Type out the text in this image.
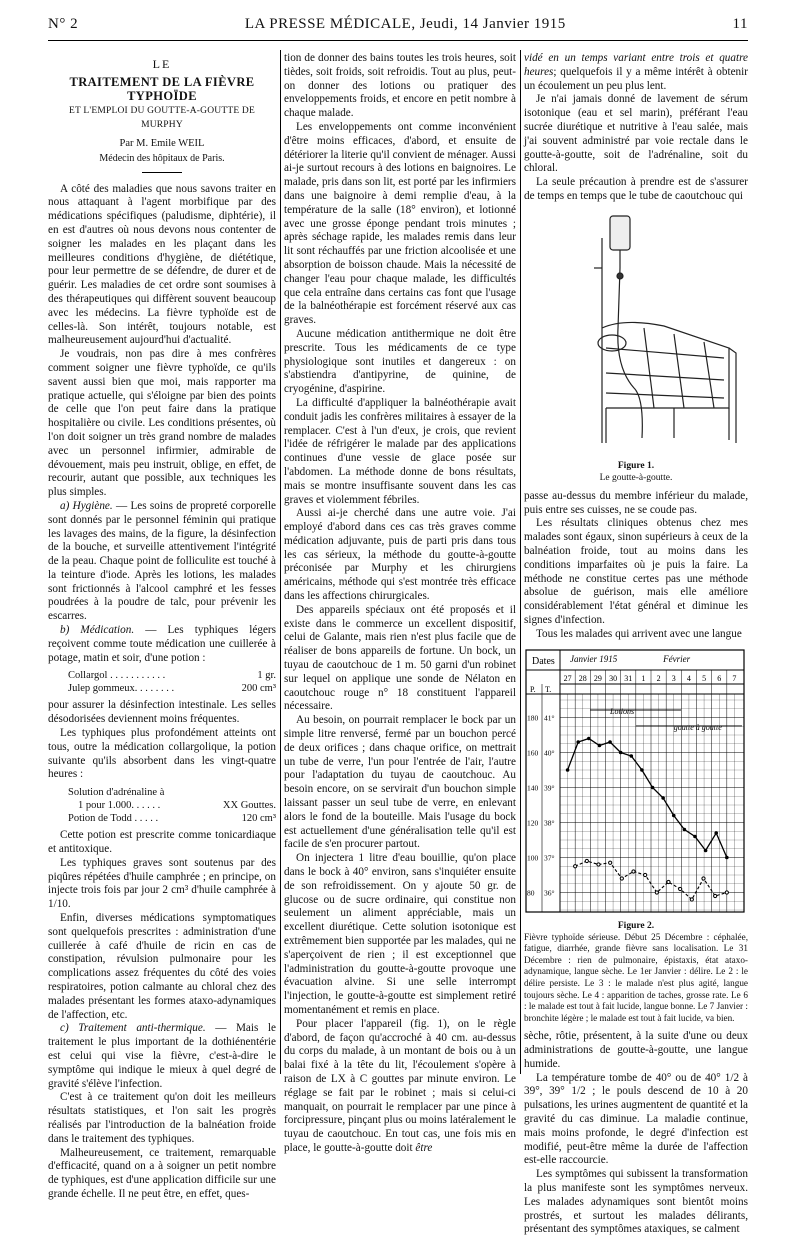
N° 2	LA PRESSE MÉDICALE, Jeudi, 14 Janvier 1915	11
LE
TRAITEMENT DE LA FIÈVRE TYPHOÏDE
ET L'EMPLOI DU GOUTTE-A-GOUTTE DE MURPHY
Par M. Emile WEIL
Médecin des hôpitaux de Paris.

A côté des maladies que nous savons traiter en nous attaquant à l'agent morbifique par des médications spécifiques (paludisme, diphtérie), il en est d'autres où nous devons nous contenter de soigner les malades en les plaçant dans les meilleures conditions d'hygiène, de diététique, pour leur permettre de se défendre, de durer et de guérir. Les maladies de cet ordre sont soumises à des thérapeutiques qui diffèrent souvent beaucoup avec les médecins. La fièvre typhoïde est de celles-là. Son intérêt, toujours notable, est malheureusement aujourd'hui d'actualité.

Je voudrais, non pas dire à mes confrères comment soigner une fièvre typhoïde, ce qu'ils savent aussi bien que moi, mais rapporter ma pratique actuelle, qui s'éloigne par bien des points de celle que l'on peut faire dans la pratique hospitalière ou civile. Les conditions présentes, où l'on doit soigner un très grand nombre de malades avec un personnel infirmier, admirable de dévouement, mais peu instruit, oblige, en effet, de recourir, autant que possible, aux techniques les plus simples.

a) Hygiène. — Les soins de propreté corporelle sont donnés par le personnel féminin qui pratique les lavages des mains, de la figure, la désinfection de la bouche, et surveille attentivement l'intégrité de la peau. Chaque point de folliculite est touché à la teinture d'iode. Après les lotions, les malades sont frictionnés à l'alcool camphré et les fesses poudrées à la poudre de talc, pour prévenir les escarres.

b) Médication. — Les typhiques légers reçoivent comme toute médication une cuillerée à potage, matin et soir, d'une potion :

Collargol . . . . . . . . . . .	1 gr.
Julep gommeux. . . . . . . .	200 cm³

pour assurer la désinfection intestinale. Les selles désodorisées deviennent moins fréquentes.

Les typhiques plus profondément atteints ont tous, outre la médication collargolique, la potion suivante qu'ils absorbent dans les vingt-quatre heures :

Solution d'adrénaline à
1 pour 1.000. . . . . .	XX Gouttes.
Potion de Todd . . . . .	120 cm³

Cette potion est prescrite comme tonicardiaque et antitoxique.

Les typhiques graves sont soutenus par des piqûres répétées d'huile camphrée ; en principe, on injecte trois fois par jour 2 cm³ d'huile camphrée à 1/10.

Enfin, diverses médications symptomatiques sont quelquefois prescrites : administration d'une cuillerée à café d'huile de ricin en cas de constipation, révulsion pulmonaire pour les complications assez fréquentes du côté des voies respiratoires, potion calmante au chloral chez des malades présentant les formes ataxo-adynamiques de l'affection, etc.

c) Traitement anti-thermique. — Mais le traitement le plus important de la dothiénentérie est celui qui vise la fièvre, c'est-à-dire le symptôme qui indique le mieux à quel degré de gravité s'élève l'infection.

C'est à ce traitement qu'on doit les meilleurs résultats statistiques, et l'on sait les progrès réalisés par l'introduction de la balnéation froide dans le traitement des typhiques.

Malheureusement, ce traitement, remarquable d'efficacité, quand on a à soigner un petit nombre de typhiques, est d'une application difficile sur une grande échelle. Il ne peut être, en effet, ques-

tion de donner des bains toutes les trois heures, soit tièdes, soit froids, soit refroidis. Tout au plus, peut-on donner des lotions ou pratiquer des enveloppements froids, et encore en petit nombre à chaque malade.

Les enveloppements ont comme inconvénient d'être moins efficaces, d'abord, et ensuite de détériorer la literie qu'il convient de ménager. Aussi ai-je surtout recours à des lotions en baignoires. Le malade, pris dans son lit, est porté par les infirmiers dans une baignoire à demi remplie d'eau, à la température de la salle (18° environ), et lotionné avec une grosse éponge pendant trois minutes ; après séchage rapide, les malades remis dans leur lit sont réchauffés par une friction alcoolisée et une absorption de boisson chaude. Mais la nécessité de changer l'eau pour chaque malade, les difficultés que cela entraîne dans certains cas font que l'usage de la balnéothérapie est forcément réservé aux cas graves.

Aucune médication antithermique ne doit être prescrite. Tous les médicaments de ce type physiologique sont inutiles et dangereux : on s'abstiendra d'antipyrine, de quinine, de cryogénine, d'aspirine.

La difficulté d'appliquer la balnéothérapie avait conduit jadis les confrères militaires à essayer de la remplacer. C'est à l'un d'eux, je crois, que revient l'idée de réfrigérer le malade par des applications continues d'une vessie de glace posée sur l'abdomen. La méthode donne de bons résultats, mais se montre insuffisante souvent dans les cas graves et violemment fébriles.

Aussi ai-je cherché dans une autre voie. J'ai employé d'abord dans ces cas très graves comme médication adjuvante, puis de parti pris dans tous les cas sérieux, la méthode du goutte-à-goutte préconisée par Murphy et les chirurgiens américains, méthode qui s'est montrée très efficace dans les affections chirurgicales.

Des appareils spéciaux ont été proposés et il existe dans le commerce un excellent dispositif, celui de Galante, mais rien n'est plus facile que de réaliser de bons appareils de fortune. Un bock, un tuyau de caoutchouc de 1 m. 50 garni d'un robinet sur lequel on applique une sonde de Nélaton en caoutchouc rouge n° 18 constituent l'appareil nécessaire.

Au besoin, on pourrait remplacer le bock par un simple litre renversé, fermé par un bouchon percé de deux orifices ; dans chaque orifice, on mettrait un tube de verre, l'un pour l'entrée de l'air, l'autre pour l'adaptation du tuyau de caoutchouc. Au besoin encore, on se servirait d'un bouchon simple laissant passer un seul tube de verre, en enlevant alors le fond de la bouteille. Mais l'usage du bock est actuellement d'une généralisation telle qu'il est facile de s'en procurer partout.

On injectera 1 litre d'eau bouillie, qu'on place dans le bock à 40° environ, sans s'inquiéter ensuite de son refroidissement. On y ajoute 50 gr. de glucose ou de sucre ordinaire, qui constitue non seulement un aliment appréciable, mais un excellent diurétique. Cette solution isotonique est extrêmement bien supportée par les malades, qui ne s'aperçoivent de rien ; il est exceptionnel que l'administration du goutte-à-goutte provoque une évacuation alvine. Si une selle interrompt l'injection, le goutte-à-goutte est simplement retiré momentanément et remis en place.

Pour placer l'appareil (fig. 1), on le règle d'abord, de façon qu'accroché à 40 cm. au-dessus du corps du malade, à un montant de bois ou à un balai fixé à la tête du lit, l'écoulement s'opère à raison de LX à C gouttes par minute environ. Le réglage se fait par le robinet ; mais si celui-ci manquait, on pourrait le remplacer par une pince à forcipressure, pinçant plus ou moins latéralement le tuyau de caoutchouc. En tout cas, une fois mis en place, le goutte-à-goutte doit être

vidé en un temps variant entre trois et quatre heures; quelquefois il y a même intérêt à obtenir un écoulement un peu plus lent.

Je n'ai jamais donné de lavement de sérum isotonique (eau et sel marin), préférant l'eau sucrée diurétique et nutritive à l'eau salée, mais j'ai souvent administré par voie rectale dans le goutte-à-goutte, soit de l'adrénaline, soit du chloral.

La seule précaution à prendre est de s'assurer de temps en temps que le tube de caoutchouc qui

Figure 1.
Le goutte-à-goutte.

passe au-dessus du membre inférieur du malade, puis entre ses cuisses, ne se coude pas.

Les résultats cliniques obtenus chez mes malades sont égaux, sinon supérieurs à ceux de la balnéation froide, tout au moins dans les conditions imparfaites où je puis la faire. La méthode ne constitue certes pas une méthode absolue de guérison, mais elle améliore considérablement l'état général et diminue les signes d'infection.

Tous les malades qui arrivent avec une langue

Dates Janvier 1915	Février
P. T.
27 28 29 30 31 1 2 3 4 5 6 7
41°
40°
39°
38°
37°
36°
180
160
140
120
100
80
Lotions
goutte à goutte
Figure 2.
Fièvre typhoïde sérieuse. Début 25 Décembre : céphalée, fatigue, diarrhée, grande fièvre sans localisation. Le 31 Décembre : rien de pulmonaire, épistaxis, état ataxo-adynamique, langue sèche. Le 1er Janvier : délire. Le 2 : le délire persiste. Le 3 : le malade n'est plus agité, langue toujours sèche. Le 4 : apparition de taches, grosse rate. Le 6 : le malade est tout à fait lucide, langue bonne. Le 7 Janvier : bronchite légère ; le malade est tout à fait lucide, va bien.

sèche, rôtie, présentent, à la suite d'une ou deux administrations de goutte-à-goutte, une langue humide.

La température tombe de 40° ou de 40° 1/2 à 39°, 39° 1/2 ; le pouls descend de 10 à 20 pulsations, les urines augmentent de quantité et la gravité du cas diminue. La maladie continue, mais moins profonde, le degré d'infection est modifié, peut-être même la durée de l'affection est-elle raccourcie.

Les symptômes qui subissent la transformation la plus manifeste sont les symptômes nerveux. Les malades adynamiques sont bientôt moins prostrés, et surtout les malades délirants, présentant des symptômes ataxiques, se calment
